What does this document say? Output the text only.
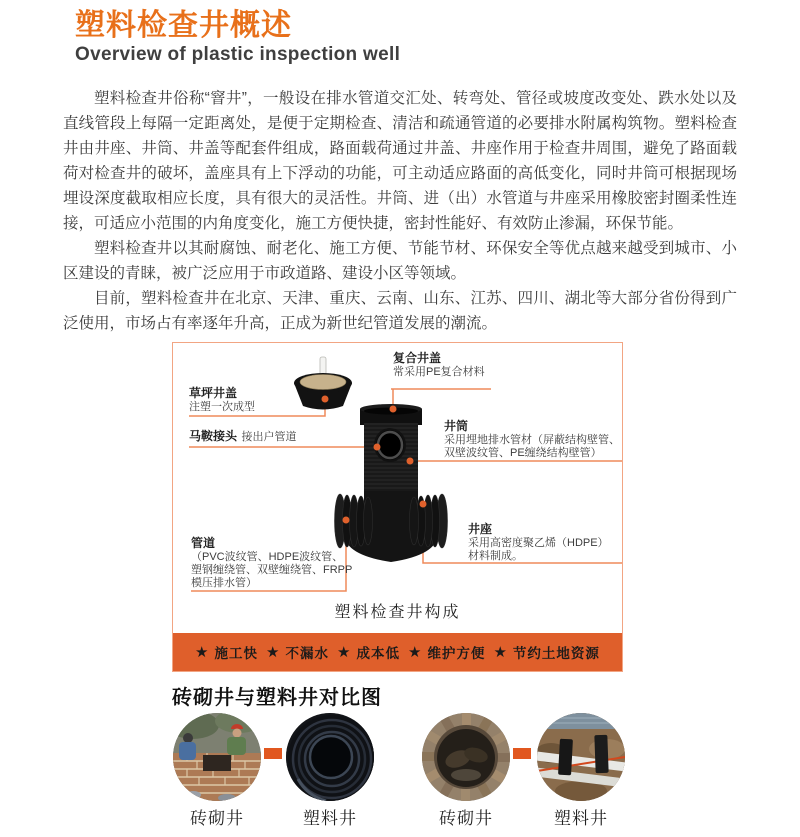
塑料检查井概述
Overview of plastic inspection well

塑料检查井俗称“窨井”，一般设在排水管道交汇处、转弯处、管径或坡度改变处、跌水处以及直线管段上每隔一定距离处，是便于定期检查、清洁和疏通管道的必要排水附属构筑物。塑料检查井由井座、井筒、井盖等配套件组成，路面载荷通过井盖、井座作用于检查井周围，避免了路面载荷对检查井的破坏，盖座具有上下浮动的功能，可主动适应路面的高低变化，同时井筒可根据现场埋设深度截取相应长度，具有很大的灵活性。井筒、进（出）水管道与井座采用橡胶密封圈柔性连接，可适应小范围的内角度变化，施工方便快捷，密封性能好、有效防止渗漏，环保节能。

塑料检查井以其耐腐蚀、耐老化、施工方便、节能节材、环保安全等优点越来越受到城市、小区建设的青睐，被广泛应用于市政道路、建设小区等领域。

目前，塑料检查井在北京、天津、重庆、云南、山东、江苏、四川、湖北等大部分省份得到广泛使用，市场占有率逐年升高，正成为新世纪管道发展的潮流。

复合井盖
常采用PE复合材料
草坪井盖
注塑一次成型
马鞍接头 接出户管道
井筒
采用埋地排水管材（屏蔽结构壁管、双壁波纹管、PE缠绕结构壁管）
管道
（PVC波纹管、HDPE波纹管、塑钢缠绕管、双壁缠绕管、FRPP模压排水管）
井座
采用高密度聚乙烯（HDPE）材料制成。
塑料检查井构成
★ 施工快 ★ 不漏水 ★ 成本低 ★ 维护方便 ★ 节约土地资源
砖砌井与塑料井对比图
砖砌井	塑料井	砖砌井	塑料井
